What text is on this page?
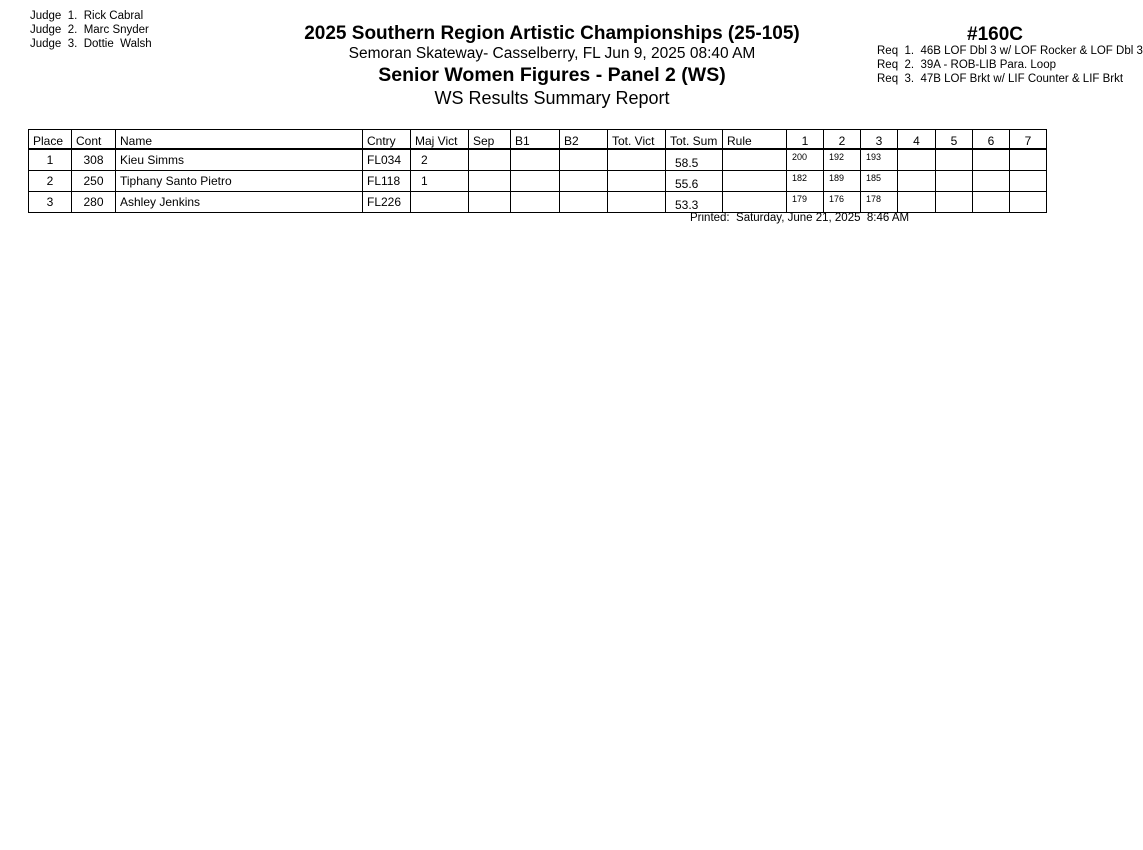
Judge  1.  Rick Cabral
Judge  2.  Marc Snyder
Judge  3.  Dottie  Walsh	2025 Southern Region Artistic Championships (25-105)
Semoran Skateway- Casselberry, FL Jun 9, 2025 08:40 AM
Senior Women Figures - Panel 2 (WS)
WS Results Summary Report
#160C
Req  1.  46B LOF Dbl 3 w/ LOF Rocker & LOF Dbl 3
Req  2.  39A - ROB-LIB Para. Loop
Req  3.  47B LOF Brkt w/ LIF Counter & LIF Brkt
Place	Cont	Name	Cntry	Maj Vict	Sep	B1	B2	Tot. Vict	Tot. Sum	Rule	1	2	3	4	5	6	7
1	308	Kieu Simms	FL034	2					58.5		200	192	193				
2	250	Tiphany Santo Pietro	FL118	1					55.6		182	189	185				
3	280	Ashley Jenkins	FL226						53.3		179	176	178				
Printed:  Saturday, June 21, 2025  8:46 AM
